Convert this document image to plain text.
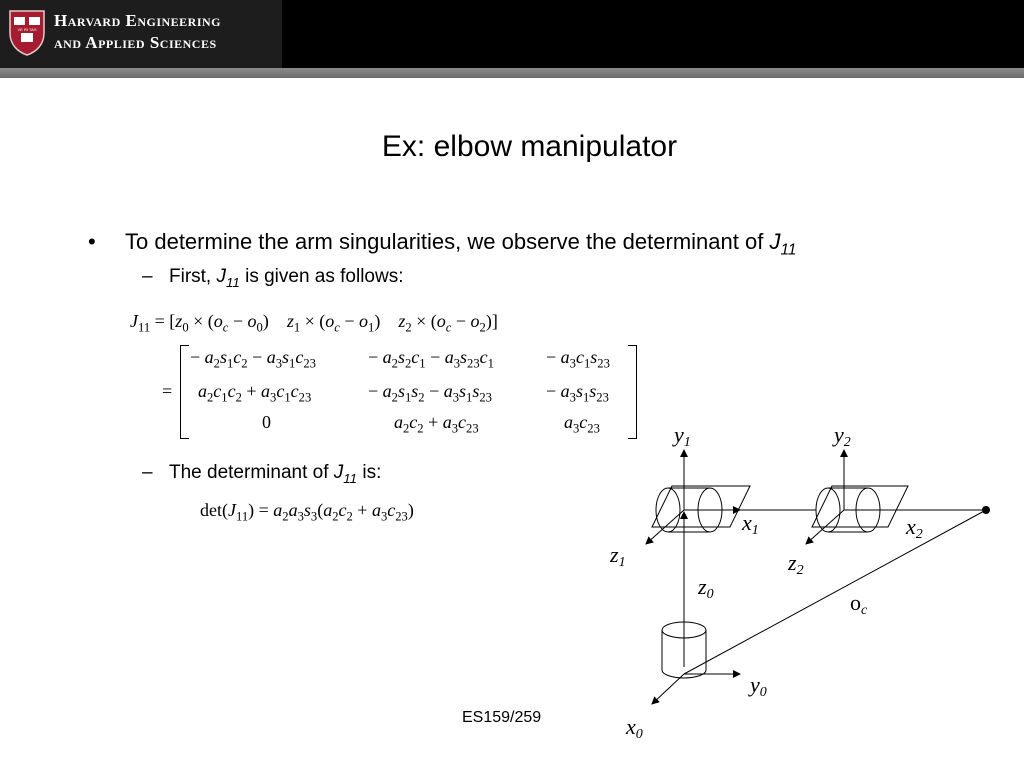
VE RI TAS Harvard Engineering
and Applied Sciences
Ex: elbow manipulator
• To determine the arm singularities, we observe the determinant of $J_{11}$
– First, $J_{11}$ is given as follows:
$J_{11} = [z_0 \times (o_c - o_0)$    $z_1 \times (o_c - o_1)$    $z_2 \times (o_c - o_2)$]
=
− $a_2s_1c_2 - a_3s_1c_{23}$	− $a_2s_2c_1 - a_3s_{23}c_1$	− $a_3c_1s_{23}$
$a_2c_1c_2 + a_3c_1c_{23}$	− $a_2s_1s_2 - a_3s_1s_{23}$	− $a_3s_1s_{23}$
0	$a_2c_2 + a_3c_{23}$	$a_3c_{23}$
– The determinant of $J_{11}$ is:
$\det(J_{11}) = a_2a_3s_3(a_2c_2 + a_3c_{23})$
y1	y2
x1	x2
z1	z2
z0	oc
y0
x0
ES159/259
